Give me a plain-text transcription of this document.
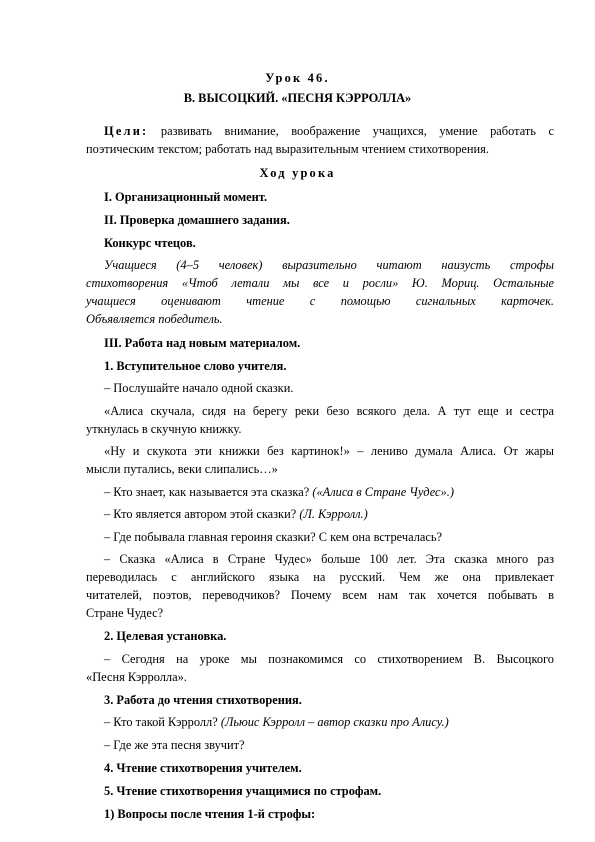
Урок 46.
В. ВЫСОЦКИЙ. «ПЕСНЯ КЭРРОЛЛА»
Цели: развивать внимание, воображение учащихся, умение работать с
поэтическим текстом; работать над выразительным чтением стихотворения.
Ход урока
I. Организационный момент.
II. Проверка домашнего задания.
Конкурс чтецов.
Учащиеся (4–5 человек) выразительно читают наизусть строфы
стихотворения «Чтоб летали мы все и росли» Ю. Мориц. Остальные
учащиеся оценивают чтение с помощью сигнальных карточек.
Объявляется победитель.
III. Работа над новым материалом.
1. Вступительное слово учителя.
– Послушайте начало одной сказки.
«Алиса скучала, сидя на берегу реки безо всякого дела. А тут еще и сестра
уткнулась в скучную книжку.
«Ну и скукота эти книжки без картинок!» – лениво думала Алиса. От жары
мысли путались, веки слипались…»
– Кто знает, как называется эта сказка? («Алиса в Стране Чудес».)
– Кто является автором этой сказки? (Л. Кэрролл.)
– Где побывала главная героиня сказки? С кем она встречалась?
– Сказка «Алиса в Стране Чудес» больше 100 лет. Эта сказка много раз
переводилась с английского языка на русский. Чем же она привлекает
читателей, поэтов, переводчиков? Почему всем нам так хочется побывать в
Стране Чудес?
2. Целевая установка.
– Сегодня на уроке мы познакомимся со стихотворением В. Высоцкого
«Песня Кэрролла».
3. Работа до чтения стихотворения.
– Кто такой Кэрролл? (Льюис Кэрролл – автор сказки про Алису.)
– Где же эта песня звучит?
4. Чтение стихотворения учителем.
5. Чтение стихотворения учащимися по строфам.
1) Вопросы после чтения 1-й строфы:
